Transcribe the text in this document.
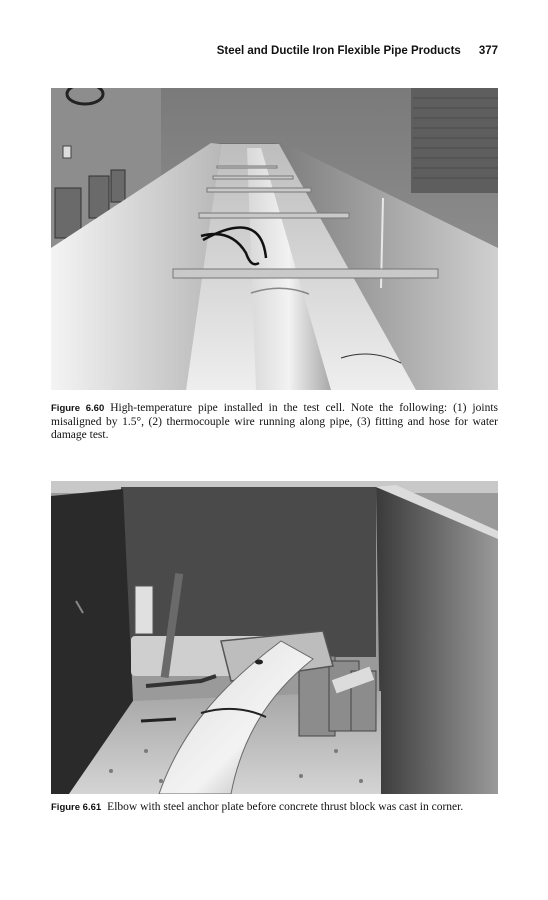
Steel and Ductile Iron Flexible Pipe Products 377
Figure 6.60 High-temperature pipe installed in the test cell. Note the following: (1) joints misaligned by 1.5°, (2) thermocouple wire running along pipe, (3) fitting and hose for water damage test.
Figure 6.61 Elbow with steel anchor plate before concrete thrust block was cast in corner.
